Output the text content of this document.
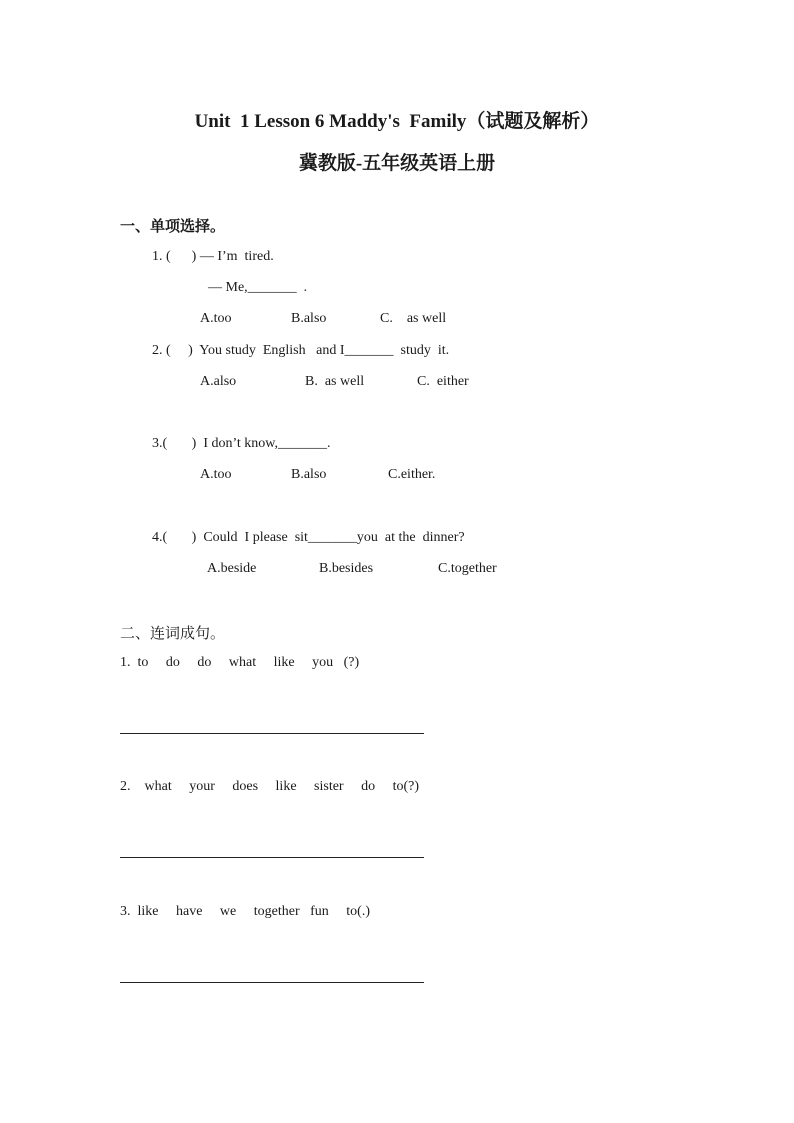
Unit  1 Lesson 6 Maddy's  Family（试题及解析）
冀教版-五年级英语上册
一、单项选择。
1. (      ) — I’m  tired.
— Me,_______  .
A.too	B.also	C.    as well
2. (     )  You study  English   and I_______  study  it.
A.also	B.  as well	C.  either
3.(       )  I don’t know,_______.
A.too	B.also	C.either.
4.(       )  Could  I please  sit_______you  at the  dinner?
A.beside	B.besides	C.together
二、连词成句。
1.  to     do     do     what     like     you   (?)
2.    what     your     does     like     sister     do     to(?)
3.  like     have     we     together   fun     to(.)
